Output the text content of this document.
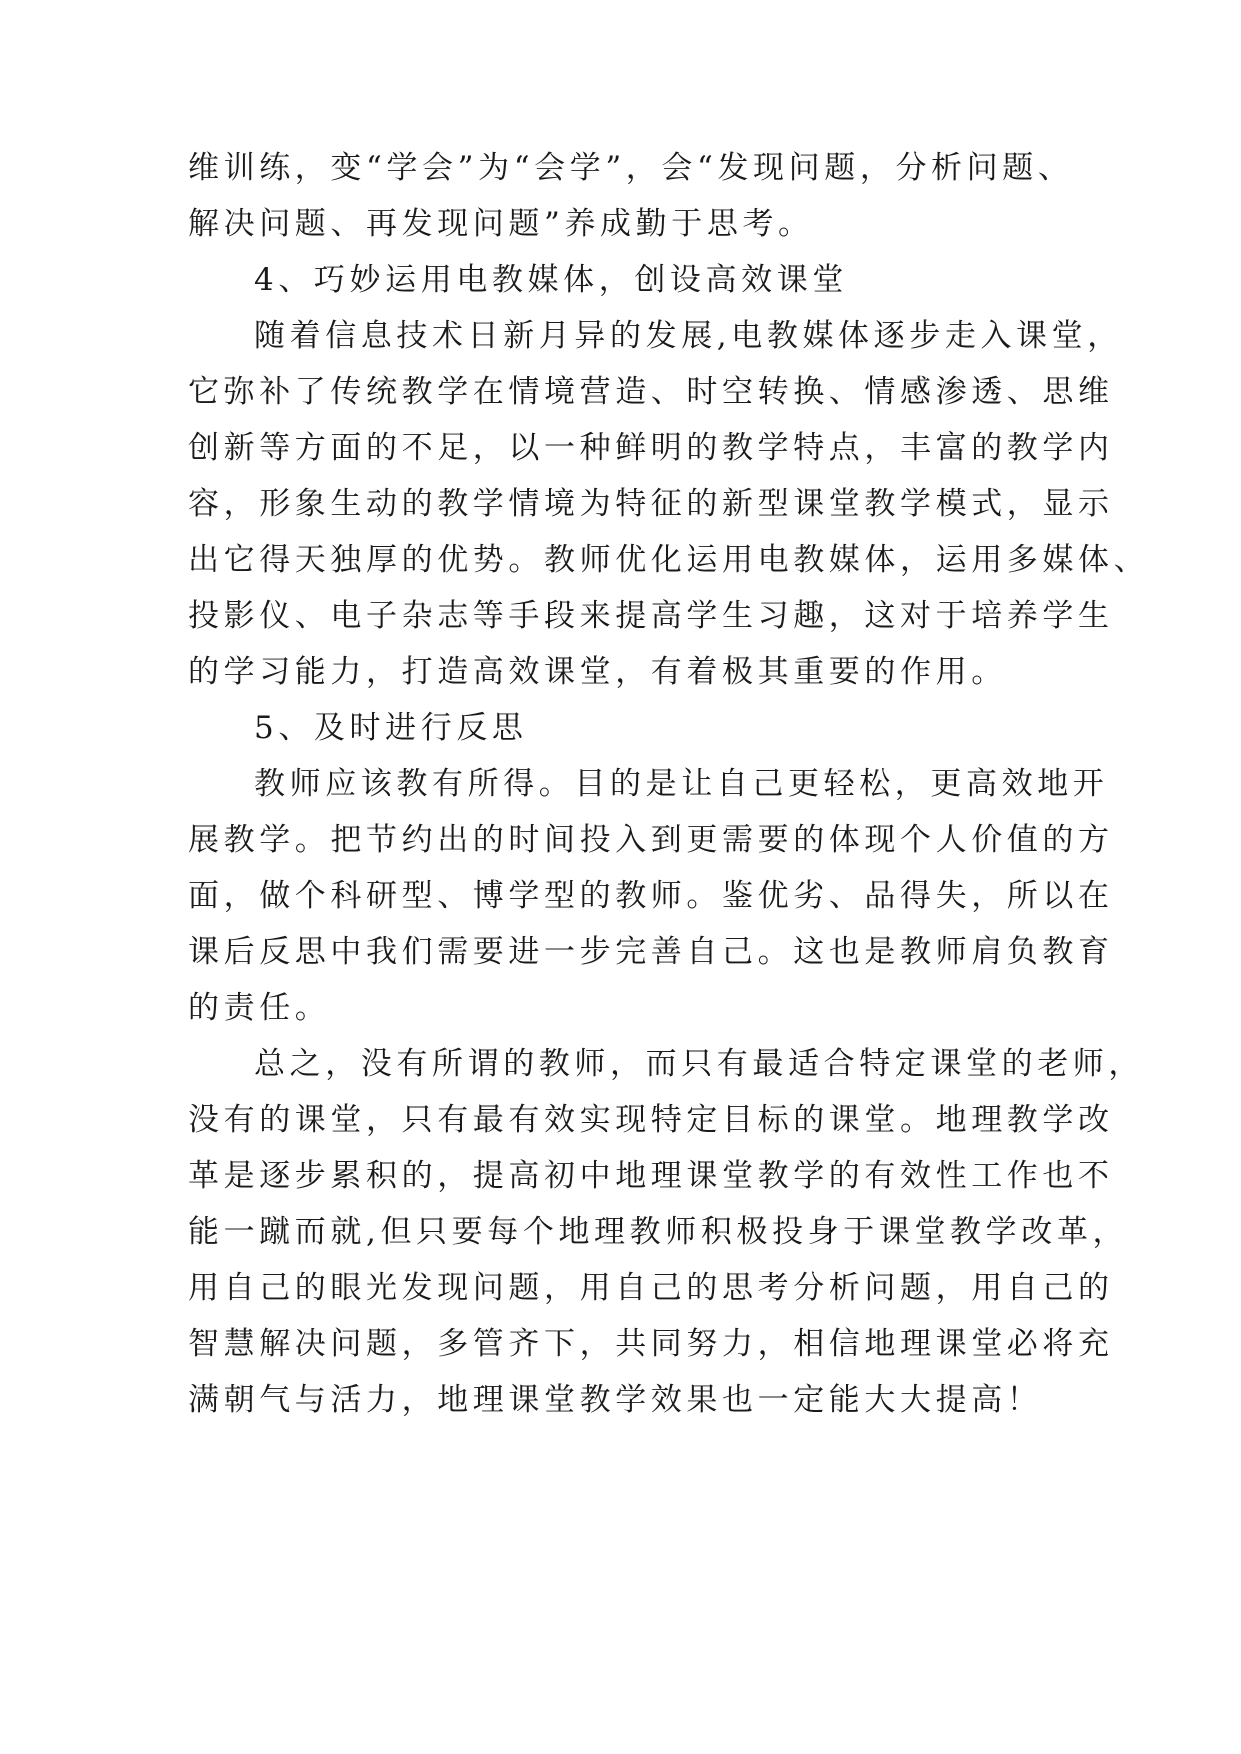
维训练，变“学会”为“会学”，会“发现问题，分析问题、
解决问题、再发现问题”养成勤于思考。
4、巧妙运用电教媒体，创设高效课堂
随着信息技术日新月异的发展,电教媒体逐步走入课堂，
它弥补了传统教学在情境营造、时空转换、情感渗透、思维
创新等方面的不足，以一种鲜明的教学特点，丰富的教学内
容，形象生动的教学情境为特征的新型课堂教学模式，显示
出它得天独厚的优势。教师优化运用电教媒体，运用多媒体、
投影仪、电子杂志等手段来提高学生习趣，这对于培养学生
的学习能力，打造高效课堂，有着极其重要的作用。
5、及时进行反思
教师应该教有所得。目的是让自己更轻松，更高效地开
展教学。把节约出的时间投入到更需要的体现个人价值的方
面，做个科研型、博学型的教师。鉴优劣、品得失，所以在
课后反思中我们需要进一步完善自己。这也是教师肩负教育
的责任。
总之，没有所谓的教师，而只有最适合特定课堂的老师，
没有的课堂，只有最有效实现特定目标的课堂。地理教学改
革是逐步累积的，提高初中地理课堂教学的有效性工作也不
能一蹴而就,但只要每个地理教师积极投身于课堂教学改革，
用自己的眼光发现问题，用自己的思考分析问题，用自己的
智慧解决问题，多管齐下，共同努力，相信地理课堂必将充
满朝气与活力，地理课堂教学效果也一定能大大提高！
